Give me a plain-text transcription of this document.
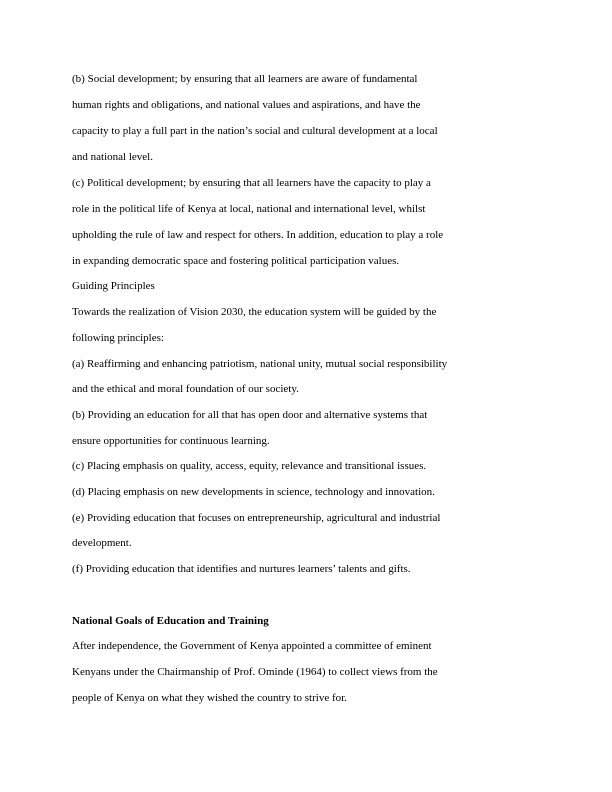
(b) Social development; by ensuring that all learners are aware of fundamental
human rights and obligations, and national values and aspirations, and have the
capacity to play a full part in the nation’s social and cultural development at a local
and national level.
(c) Political development; by ensuring that all learners have the capacity to play a
role in the political life of Kenya at local, national and international level, whilst
upholding the rule of law and respect for others. In addition, education to play a role
in expanding democratic space and fostering political participation values.
Guiding Principles
Towards the realization of Vision 2030, the education system will be guided by the
following principles:
(a) Reaffirming and enhancing patriotism, national unity, mutual social responsibility
and the ethical and moral foundation of our society.
(b) Providing an education for all that has open door and alternative systems that
ensure opportunities for continuous learning.
(c) Placing emphasis on quality, access, equity, relevance and transitional issues.
(d) Placing emphasis on new developments in science, technology and innovation.
(e) Providing education that focuses on entrepreneurship, agricultural and industrial
development.
(f) Providing education that identifies and nurtures learners’ talents and gifts.
National Goals of Education and Training
After independence, the Government of Kenya appointed a committee of eminent
Kenyans under the Chairmanship of Prof. Ominde (1964) to collect views from the
people of Kenya on what they wished the country to strive for.
